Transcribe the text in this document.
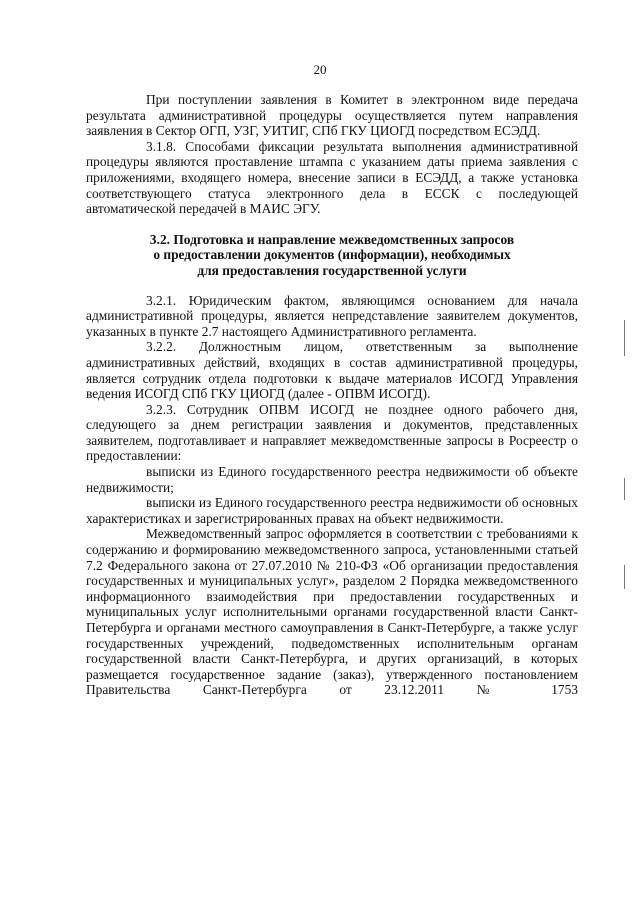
20

При поступлении заявления в Комитет в электронном виде передача результата административной процедуры осуществляется путем направления заявления в Сектор ОГП, УЗГ, УИТИГ, СПб ГКУ ЦИОГД посредством ЕСЭДД.

3.1.8. Способами фиксации результата выполнения административной процедуры являются проставление штампа с указанием даты приема заявления с приложениями, входящего номера, внесение записи в ЕСЭДД, а также установка соответствующего статуса электронного дела в ЕССК с последующей автоматической передачей в МАИС ЭГУ.

3.2. Подготовка и направление межведомственных запросов
о предоставлении документов (информации), необходимых
для предоставления государственной услуги

3.2.1. Юридическим фактом, являющимся основанием для начала административной процедуры, является непредставление заявителем документов, указанных в пункте 2.7 настоящего Административного регламента.

3.2.2. Должностным лицом, ответственным за выполнение административных действий, входящих в состав административной процедуры, является сотрудник отдела подготовки к выдаче материалов ИСОГД Управления ведения ИСОГД СПб ГКУ ЦИОГД (далее - ОПВМ ИСОГД).

3.2.3. Сотрудник ОПВМ ИСОГД не позднее одного рабочего дня, следующего за днем регистрации заявления и документов, представленных заявителем, подготавливает и направляет межведомственные запросы в Росреестр о предоставлении:

выписки из Единого государственного реестра недвижимости об объекте недвижимости;

выписки из Единого государственного реестра недвижимости об основных характеристиках и зарегистрированных правах на объект недвижимости.

Межведомственный запрос оформляется в соответствии с требованиями к содержанию и формированию межведомственного запроса, установленными статьей 7.2 Федерального закона от 27.07.2010 № 210-ФЗ «Об организации предоставления государственных и муниципальных услуг», разделом 2 Порядка межведомственного информационного взаимодействия при предоставлении государственных и муниципальных услуг исполнительными органами государственной власти Санкт-Петербурга и органами местного самоуправления в Санкт-Петербурге, а также услуг государственных учреждений, подведомственных исполнительным органам государственной власти Санкт-Петербурга, и других организаций, в которых размещается государственное задание (заказ), утвержденного постановлением Правительства Санкт-Петербурга от 23.12.2011 № 1753
